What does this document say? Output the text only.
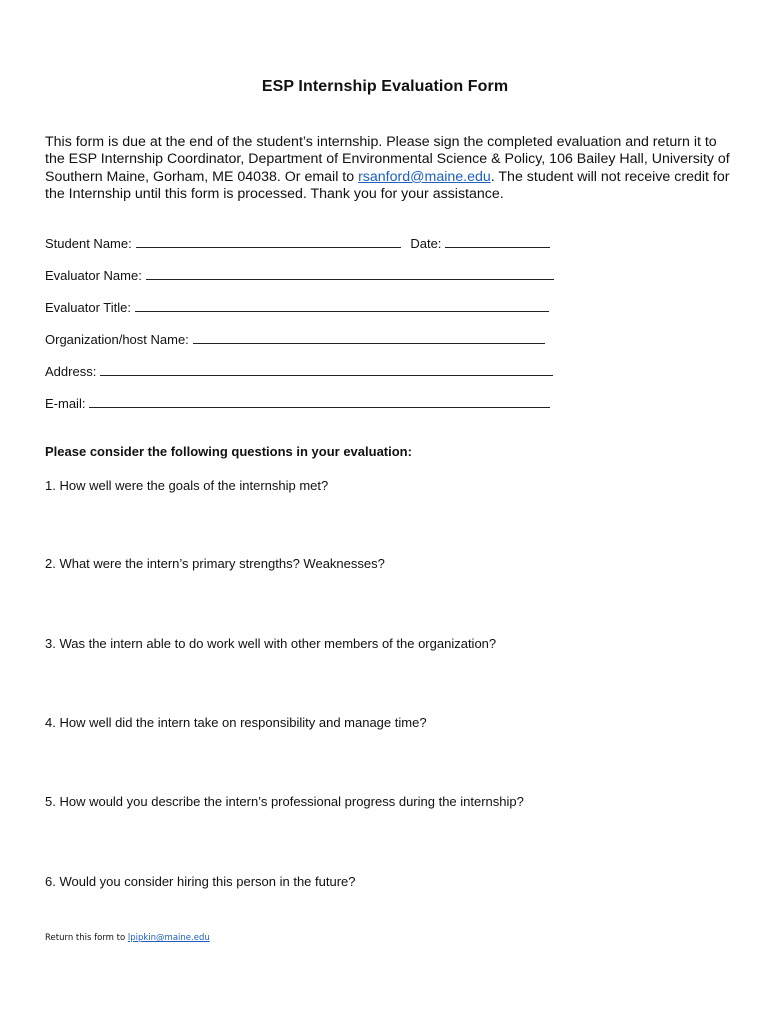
ESP Internship Evaluation Form
This form is due at the end of the student’s internship. Please sign the completed evaluation and return it to the ESP Internship Coordinator, Department of Environmental Science & Policy, 106 Bailey Hall, University of Southern Maine, Gorham, ME 04038. Or email to rsanford@maine.edu. The student will not receive credit for the Internship until this form is processed. Thank you for your assistance.
Student Name:	Date:
Evaluator Name:
Evaluator Title:
Organization/host Name:
Address:
E-mail:
Please consider the following questions in your evaluation:
1. How well were the goals of the internship met?
2. What were the intern’s primary strengths? Weaknesses?
3. Was the intern able to do work well with other members of the organization?
4. How well did the intern take on responsibility and manage time?
5. How would you describe the intern’s professional progress during the internship?
6. Would you consider hiring this person in the future?
Return this form to lpipkin@maine.edu
